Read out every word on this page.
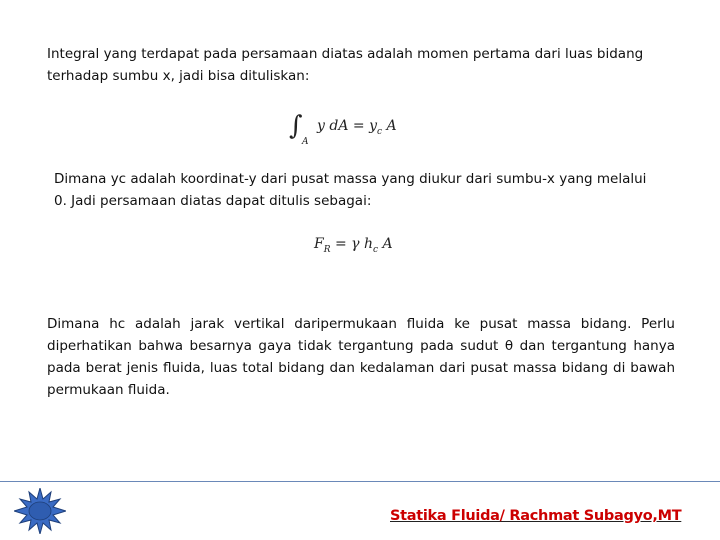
Integral yang terdapat pada persamaan diatas adalah momen pertama dari luas bidang terhadap sumbu x, jadi bisa dituliskan:
∫
A
y dA = $y_c$ A
Dimana yc adalah koordinat-y dari pusat massa yang diukur dari sumbu-x yang melalui 0. Jadi persamaan diatas dapat ditulis sebagai:
$F_R = \gamma$ $h_c$ A
Dimana hc adalah jarak vertikal daripermukaan fluida ke pusat massa bidang. Perlu diperhatikan bahwa besarnya gaya tidak tergantung pada sudut θ dan tergantung hanya pada berat jenis fluida, luas total bidang dan kedalaman dari pusat massa bidang di bawah permukaan fluida.
Statika Fluida/ Rachmat Subagyo,MT
